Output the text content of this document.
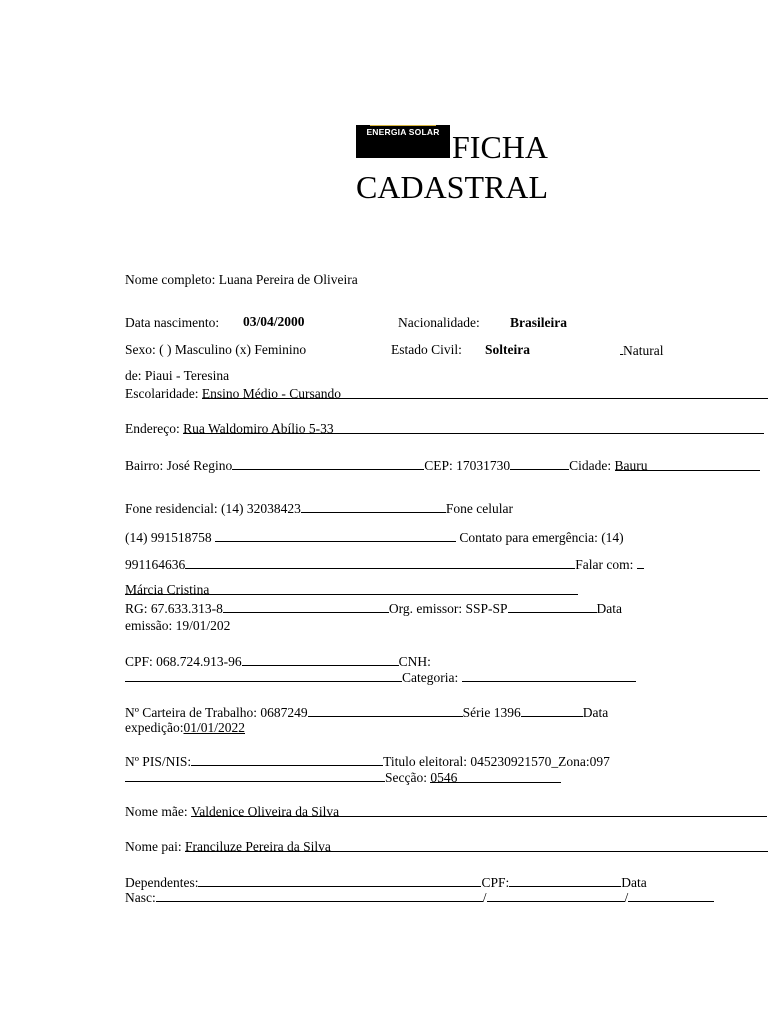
ENERGIA SOLAR FICHA
CADASTRAL
Nome completo: Luana Pereira de Oliveira
Data nascimento: 03/04/2000	Nacionalidade: Brasileira
Sexo: ( ) Masculino (x) Feminino	Estado Civil: Solteira	Natural
de: Piaui - Teresina
Escolaridade: Ensino Médio - Cursando
Endereço: Rua Waldomiro Abílio 5-33
Bairro: José Regino	CEP: 17031730	Cidade: Bauru
Fone residencial: (14) 32038423	Fone celular
(14) 991518758	Contato para emergência: (14)
991164636	Falar com:
Márcia Cristina
RG: 67.633.313-8	Org. emissor: SSP-SP	Data
emissão: 19/01/202
CPF: 068.724.913-96	CNH:
Categoria:
Nº Carteira de Trabalho: 0687249	Série 1396	Data
expedição:01/01/2022
Nº PIS/NIS:	Titulo eleitoral: 045230921570_Zona:097
Secção: 0546
Nome mãe: Valdenice Oliveira da Silva
Nome pai: Franciluze Pereira da Silva
Dependentes:	CPF:	Data
Nasc:	/	/
